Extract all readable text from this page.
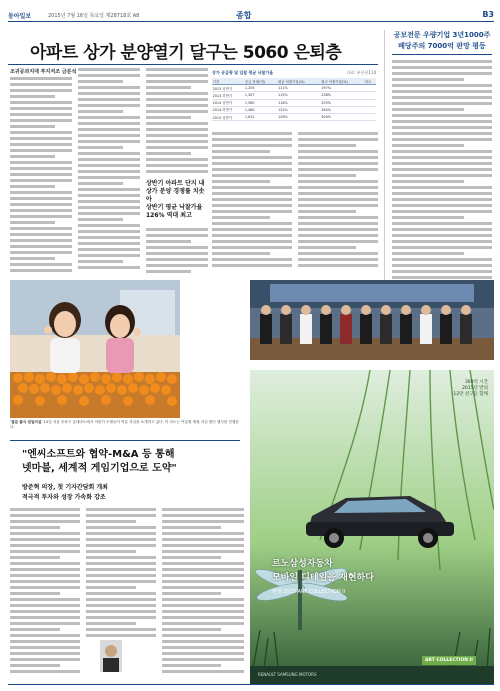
동아일보	2015년 7월 16일 목요일 제28718호 A8	종합	B3
아파트 상가 분양열기 달구는 5060 은퇴층
조귀공과지대 투지저조 금분석	상가 공급량 및 입찰 평균 낙찰가율	자료: 부동산114
기간	공급 물량(개)	평균 낙찰가율(%)	최고 낙찰가율(%)	비고
2013 상반기	1,205	111%	197%	
2013 하반기	1,307	115%	238%	
2014 상반기	1,560	118%	255%	
2014 하반기	1,480	122%	264%	
2015 상반기	1,612	126%	300%	
상반기 아파트 단지 내 상가 분양 경쟁률 치솟아
상반기 평균 낙찰가율 126% 역대 최고
공보전문 우량기업 3년1000주
배당주의 7000억 판망 평등
'절급 출식 엄일의실' 13일 서울 송파구 롯데마트에서 어린이 모델들이 여름 과일을 소개하고 있다. 이 마트는 여름철 제철 과일 할인 행사를 진행한다.
"엔씨소프트와 협약-M&A 등 통해
넷마블, 세계적 게임기업으로 도약"
방준혁 의장, 첫 기자간담회 개최
적극적 투자와 성장 가속화 강조
300억 시간
2015년 반의
12만 친구들 함께
르노삼성자동차
모바일 디테일을 재현하다
탄생 2015 ART COLLECTION II
ART COLLECTION II
RENAULT SAMSUNG MOTORS
